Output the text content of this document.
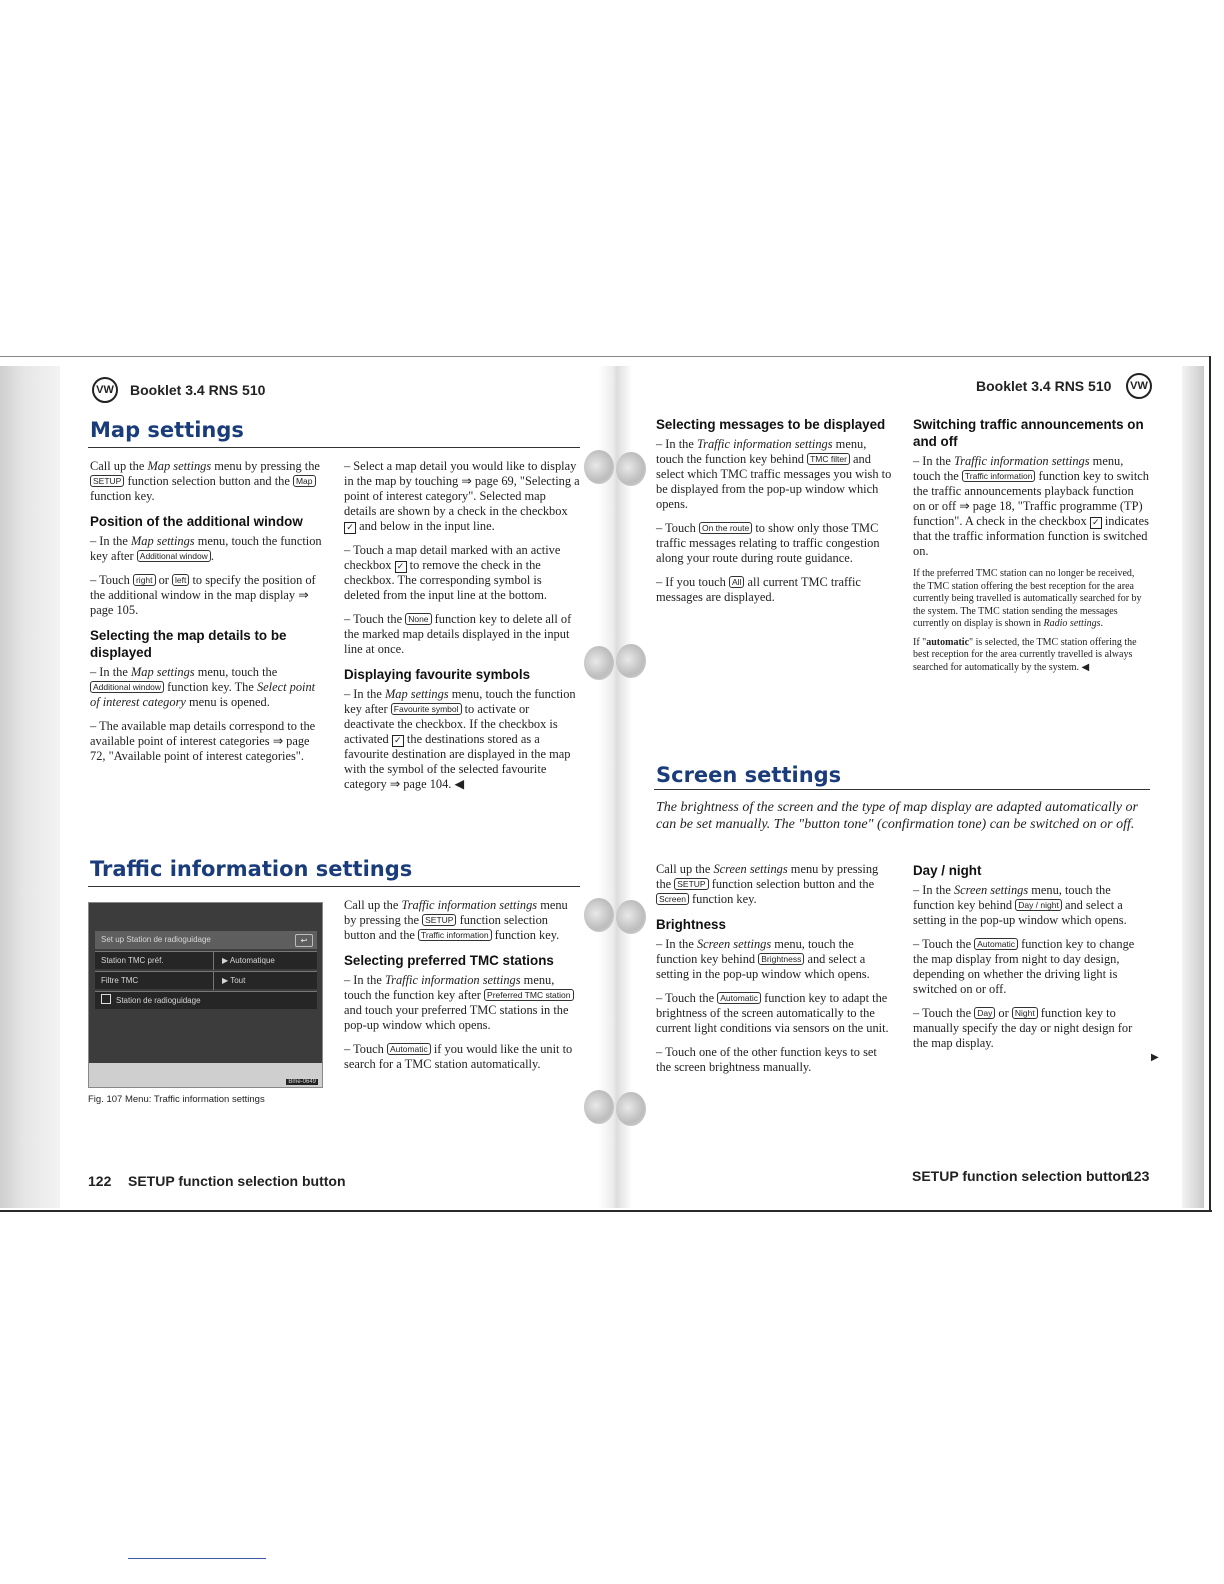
VW Booklet 3.4 RNS 510
Map settings

Call up the Map settings menu by pressing the SETUP function selection button and the Map function key.

Position of the additional window

– In the Map settings menu, touch the function key after Additional window .

– Touch right or left to specify the position of the additional window in the map display ⇒ page 105.

Selecting the map details to be displayed

– In the Map settings menu, touch the Additional window function key. The Select point of interest category menu is opened.

– The available map details correspond to the available point of interest categories ⇒ page 72, "Available point of interest categories".

– Select a map detail you would like to display in the map by touching ⇒ page 69, "Selecting a point of interest category". Selected map details are shown by a check in the checkbox ✓ and below in the input line.

– Touch a map detail marked with an active checkbox ✓ to remove the check in the checkbox. The corresponding symbol is deleted from the input line at the bottom.

– Touch the None function key to delete all of the marked map details displayed in the input line at once.

Displaying favourite symbols

– In the Map settings menu, touch the function key after Favourite symbol to activate or deactivate the checkbox. If the checkbox is activated ✓ the destinations stored as a favourite destination are displayed in the map with the symbol of the selected favourite category ⇒ page 104. ◀

Traffic information settings
Set up Station de radioguidage	↩
Station TMC préf.	▶ Automatique
Filtre TMC	▶ Tout
Station de radioguidage
Bme-0649
Fig. 107 Menu: Traffic information settings

Call up the Traffic information settings menu by pressing the SETUP function selection button and the Traffic information function key.

Selecting preferred TMC stations

– In the Traffic information settings menu, touch the function key after Preferred TMC station and touch your preferred TMC stations in the pop-up window which opens.

– Touch Automatic if you would like the unit to search for a TMC station automatically.

122 SETUP function selection button
Booklet 3.4 RNS 510	VW
Selecting messages to be displayed

– In the Traffic information settings menu, touch the function key behind TMC filter and select which TMC traffic messages you wish to be displayed from the pop-up window which opens.

– Touch On the route to show only those TMC traffic messages relating to traffic congestion along your route during route guidance.

– If you touch All all current TMC traffic messages are displayed.

Switching traffic announcements on and off

– In the Traffic information settings menu, touch the Traffic information function key to switch the traffic announcements playback function on or off ⇒ page 18, "Traffic programme (TP) function". A check in the checkbox ✓ indicates that the traffic information function is switched on.

If the preferred TMC station can no longer be received, the TMC station offering the best reception for the area currently being travelled is automatically searched for by the system. The TMC station sending the messages currently on display is shown in Radio settings.

If "automatic" is selected, the TMC station offering the best reception for the area currently travelled is always searched for automatically by the system. ◀

Screen settings
The brightness of the screen and the type of map display are adapted automatically or can be set manually. The "button tone" (confirmation tone) can be switched on or off.

Call up the Screen settings menu by pressing the SETUP function selection button and the Screen function key.

Brightness

– In the Screen settings menu, touch the function key behind Brightness and select a setting in the pop-up window which opens.

– Touch the Automatic function key to adapt the brightness of the screen automatically to the current light conditions via sensors on the unit.

– Touch one of the other function keys to set the screen brightness manually.

Day / night

– In the Screen settings menu, touch the function key behind Day / night and select a setting in the pop-up window which opens.

– Touch the Automatic function key to change the map display from night to day design, depending on whether the driving light is switched on or off.

– Touch the Day or Night function key to manually specify the day or night design for the map display.

▶
SETUP function selection button
123
